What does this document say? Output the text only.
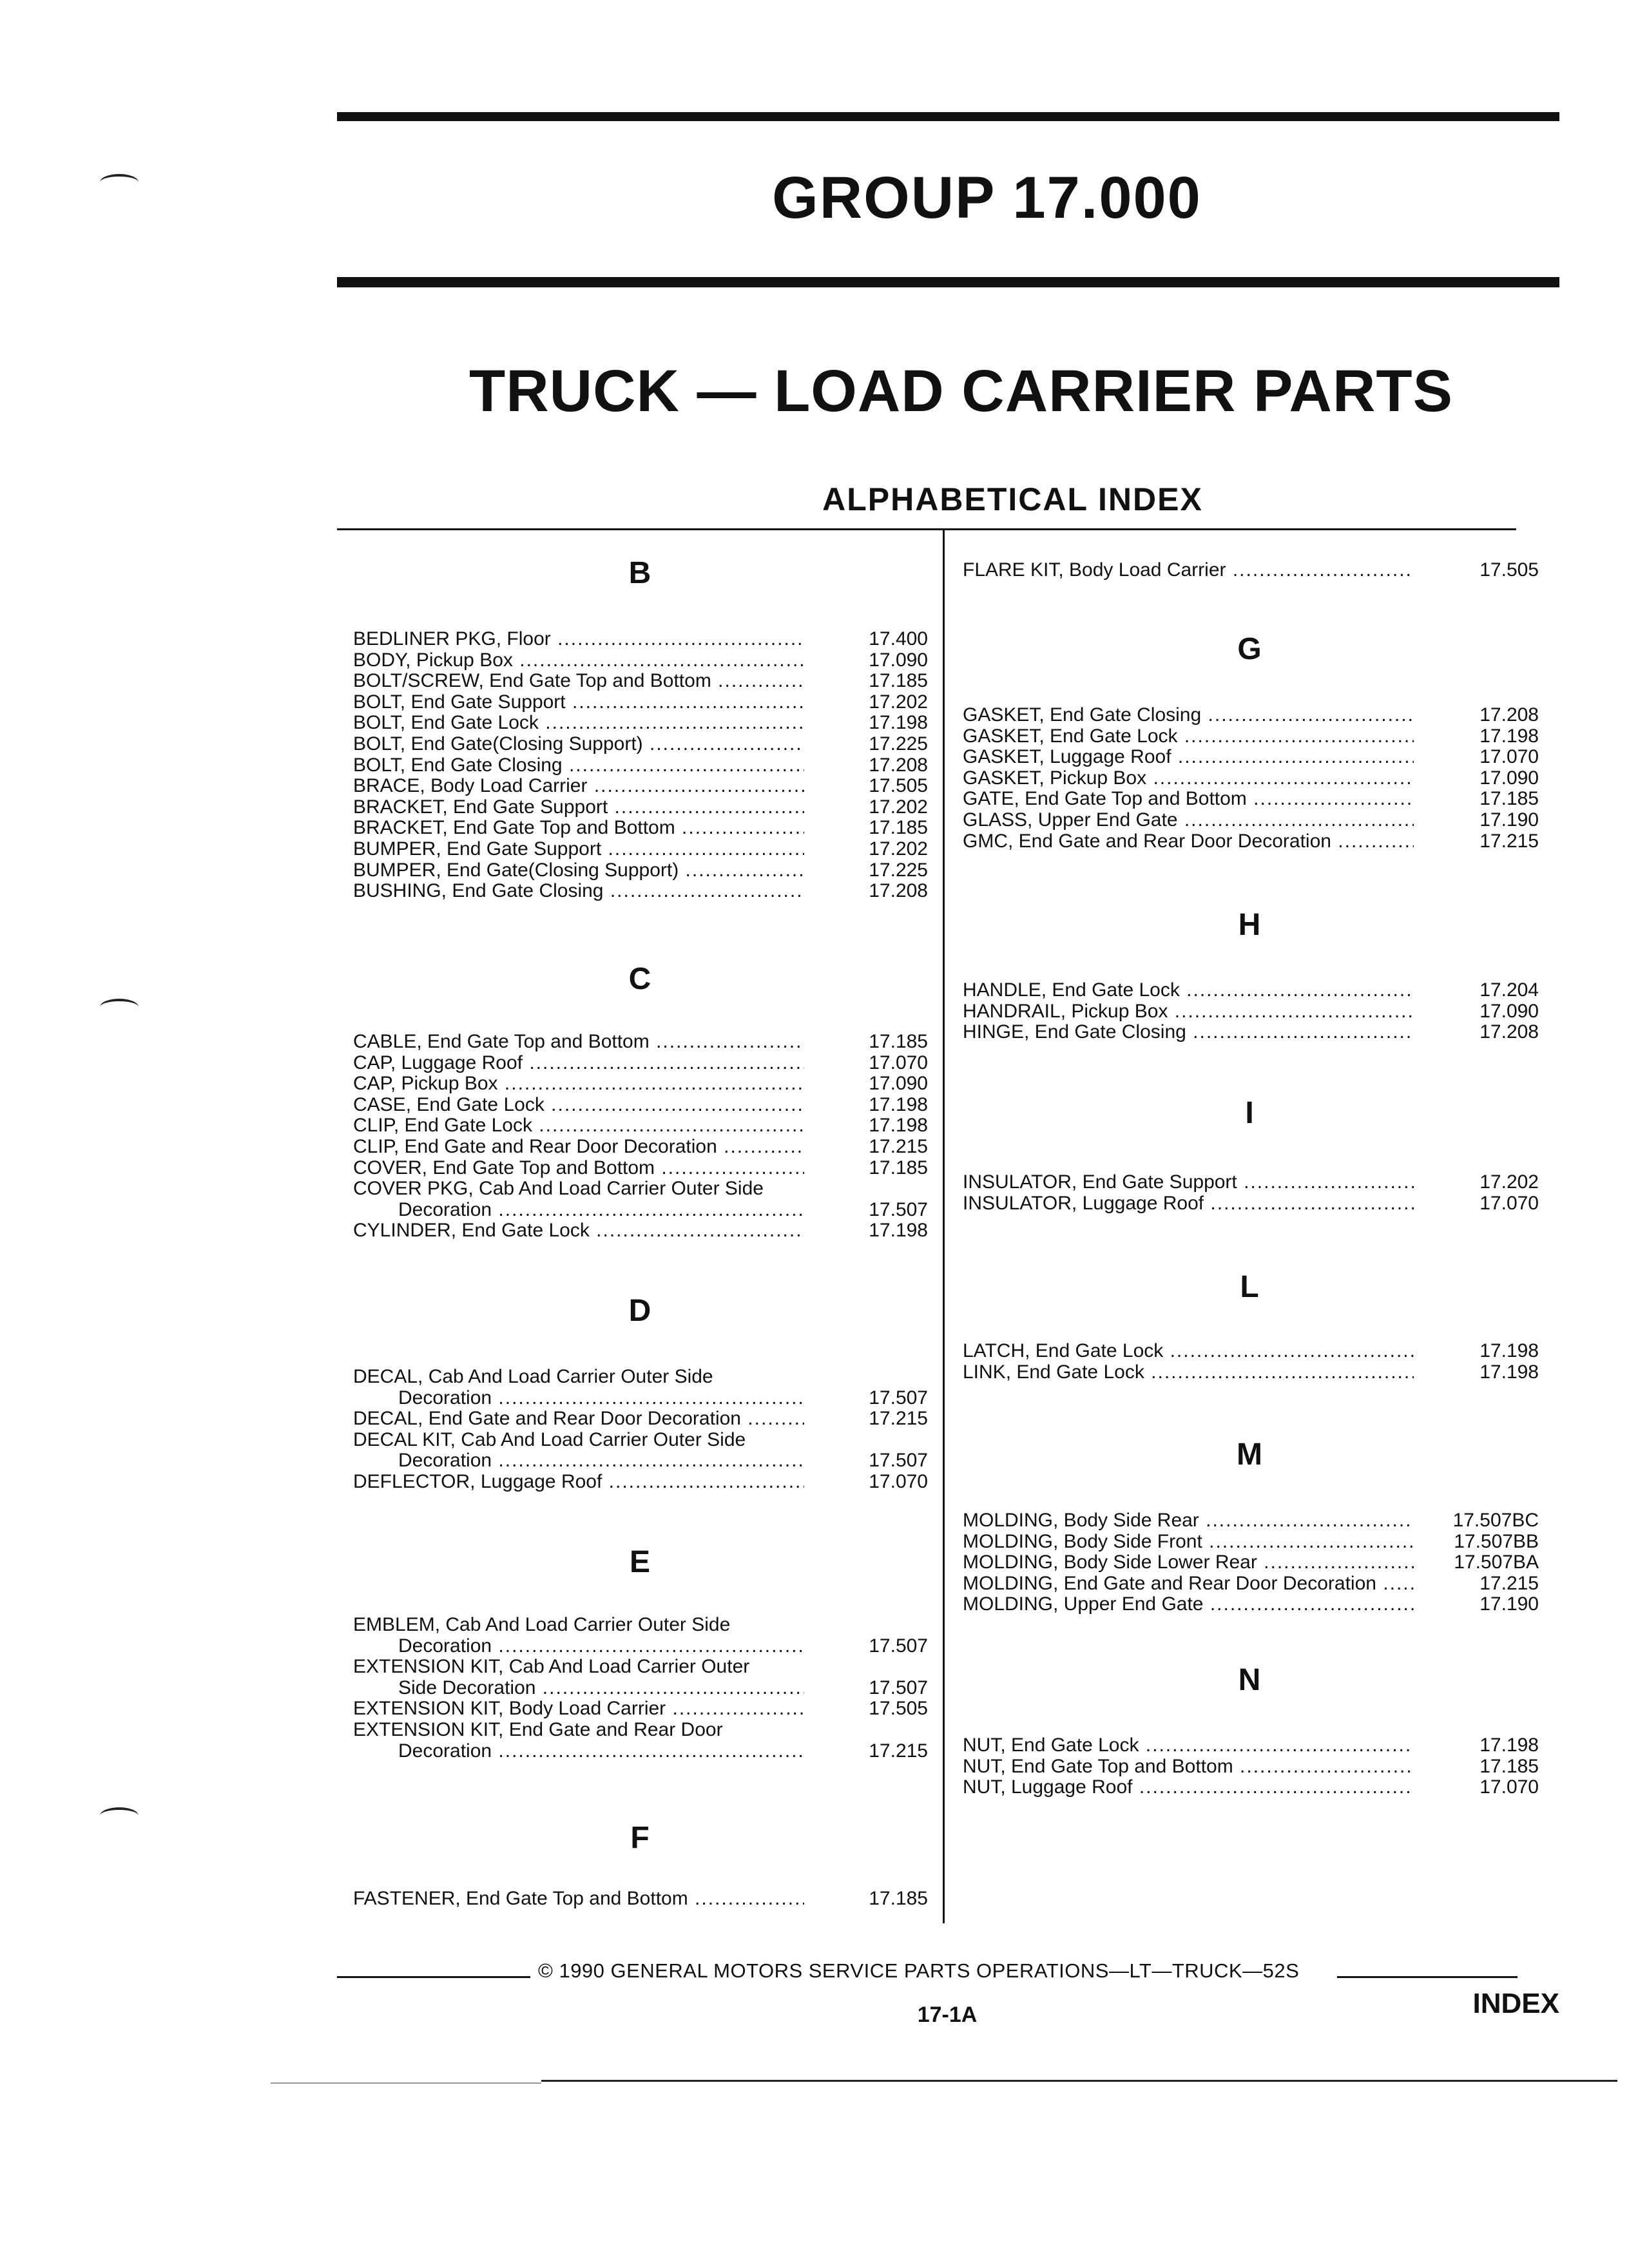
GROUP 17.000
TRUCK — LOAD CARRIER PARTS
ALPHABETICAL INDEX
B
BEDLINER PKG, Floor .....	17.400
BODY, Pickup Box .....	17.090
BOLT/SCREW, End Gate Top and Bottom .....	17.185
BOLT, End Gate Support .....	17.202
BOLT, End Gate Lock .....	17.198
BOLT, End Gate(Closing Support) .....	17.225
BOLT, End Gate Closing .....	17.208
BRACE, Body Load Carrier .....	17.505
BRACKET, End Gate Support .....	17.202
BRACKET, End Gate Top and Bottom .....	17.185
BUMPER, End Gate Support .....	17.202
BUMPER, End Gate(Closing Support) .....	17.225
BUSHING, End Gate Closing .....	17.208
C
CABLE, End Gate Top and Bottom .....	17.185
CAP, Luggage Roof .....	17.070
CAP, Pickup Box .....	17.090
CASE, End Gate Lock .....	17.198
CLIP, End Gate Lock .....	17.198
CLIP, End Gate and Rear Door Decoration .....	17.215
COVER, End Gate Top and Bottom .....	17.185
COVER PKG, Cab And Load Carrier Outer Side
Decoration .....	17.507
CYLINDER, End Gate Lock .....	17.198
D
DECAL, Cab And Load Carrier Outer Side
Decoration .....	17.507
DECAL, End Gate and Rear Door Decoration .....	17.215
DECAL KIT, Cab And Load Carrier Outer Side
Decoration .....	17.507
DEFLECTOR, Luggage Roof .....	17.070
E
EMBLEM, Cab And Load Carrier Outer Side
Decoration .....	17.507
EXTENSION KIT, Cab And Load Carrier Outer
Side Decoration .....	17.507
EXTENSION KIT, Body Load Carrier .....	17.505
EXTENSION KIT, End Gate and Rear Door
Decoration .....	17.215
F
FASTENER, End Gate Top and Bottom .....	17.185
FLARE KIT, Body Load Carrier .....	17.505
G
GASKET, End Gate Closing .....	17.208
GASKET, End Gate Lock .....	17.198
GASKET, Luggage Roof .....	17.070
GASKET, Pickup Box .....	17.090
GATE, End Gate Top and Bottom .....	17.185
GLASS, Upper End Gate .....	17.190
GMC, End Gate and Rear Door Decoration .....	17.215
H
HANDLE, End Gate Lock .....	17.204
HANDRAIL, Pickup Box .....	17.090
HINGE, End Gate Closing .....	17.208
I
INSULATOR, End Gate Support .....	17.202
INSULATOR, Luggage Roof .....	17.070
L
LATCH, End Gate Lock .....	17.198
LINK, End Gate Lock .....	17.198
M
MOLDING, Body Side Rear .....	17.507BC
MOLDING, Body Side Front .....	17.507BB
MOLDING, Body Side Lower Rear .....	17.507BA
MOLDING, End Gate and Rear Door Decoration .....	17.215
MOLDING, Upper End Gate .....	17.190
N
NUT, End Gate Lock .....	17.198
NUT, End Gate Top and Bottom .....	17.185
NUT, Luggage Roof .....	17.070
© 1990 GENERAL MOTORS SERVICE PARTS OPERATIONS—LT—TRUCK—52S
17-1A	INDEX
